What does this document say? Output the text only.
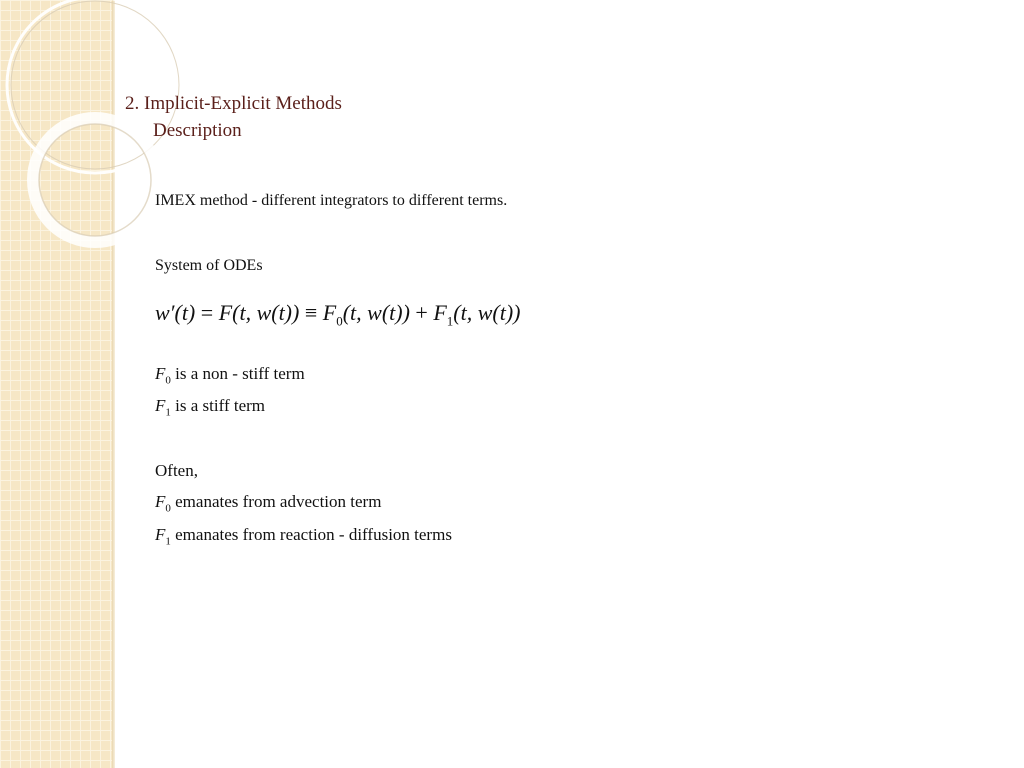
2. Implicit-Explicit Methods
Description
IMEX method - different integrators to different terms.
System of ODEs
w′(t) = F(t, $w(t)) \equiv F_0(t$, $w(t)) + F_1(t$, w(t))
$F_0$ is a non - stiff term
$F_1$ is a stiff term
Often,
$F_0$ emanates from advection term
$F_1$ emanates from reaction - diffusion terms
